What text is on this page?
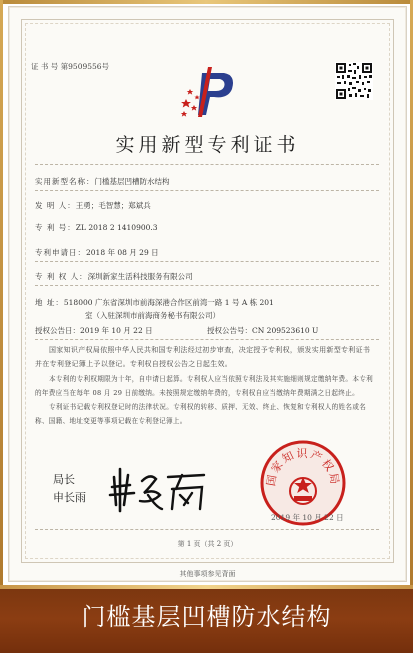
证 书 号 第9509556号
实用新型专利证书
实用新型名称：门槛基层凹槽防水结构
发 明 人：王勇；毛智慧；郑斌兵
专 利 号：ZL 2018 2 1410900.3
专利申请日：2018 年 08 月 29 日
专 利 权 人：深圳新家生活科技服务有限公司
地 址：518000 广东省深圳市前海深港合作区前湾一路 1 号 A 栋 201
室（入驻深圳市前海商务秘书有限公司）
授权公告日：2019 年 10 月 22 日	授权公告号：CN 209523610 U
国家知识产权局依照中华人民共和国专利法经过初步审查，决定授予专利权，颁发实用新型专利证书并在专利登记簿上予以登记。专利权自授权公告之日起生效。
本专利的专利权期限为十年，自申请日起算。专利权人应当依照专利法及其实施细则规定缴纳年费。本专利的年费应当在每年 08 月 29 日前缴纳。未按照规定缴纳年费的，专利权自应当缴纳年费期满之日起终止。
专利证书记载专利权登记时的法律状况。专利权的转移、质押、无效、终止、恢复和专利权人的姓名或名称、国籍、地址变更等事项记载在专利登记簿上。
局长
申长雨
国家知识产权局
2019 年 10 月 22 日
第 1 页（共 2 页）
其他事项参见背面
门槛基层凹槽防水结构
